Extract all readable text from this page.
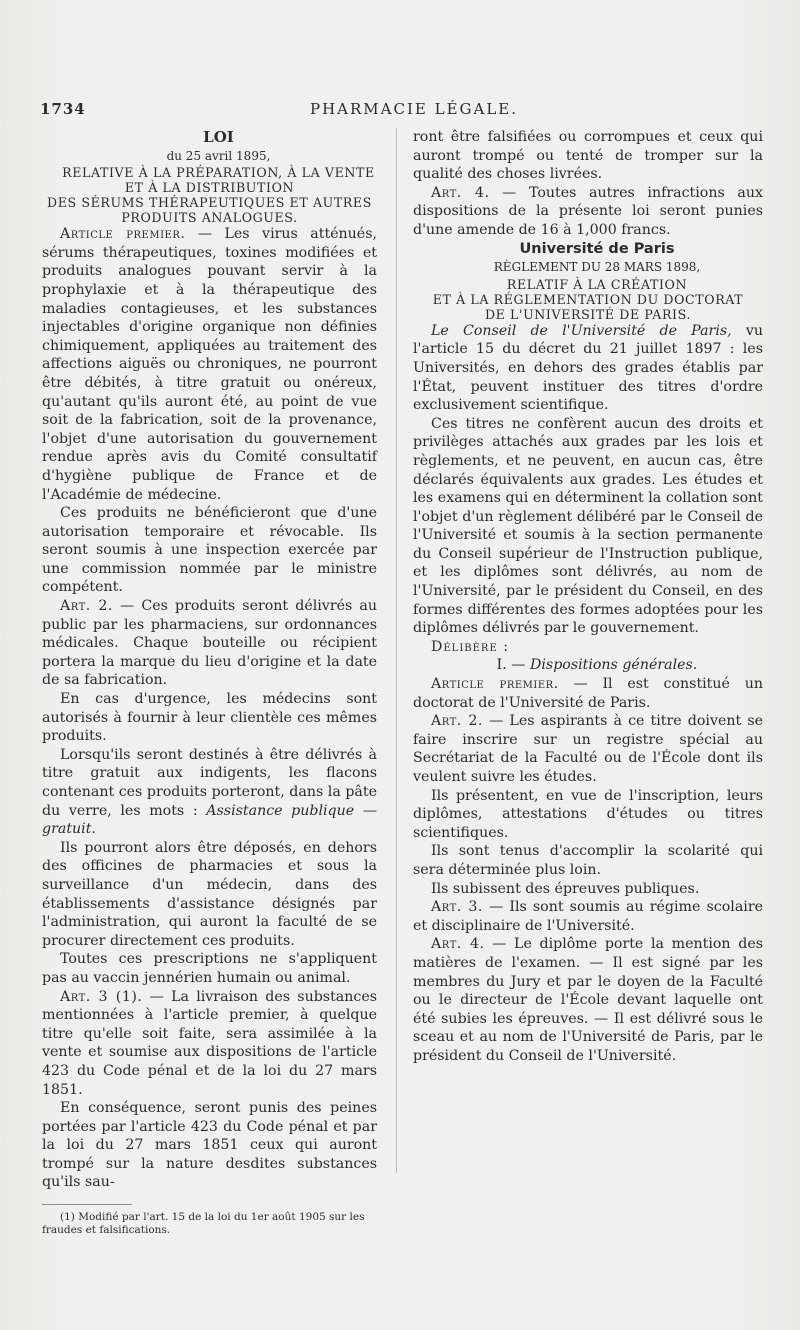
1734	PHARMACIE LÉGALE.

LOI

du 25 avril 1895,

RELATIVE À LA PRÉPARATION, À LA VENTE
ET À LA DISTRIBUTION
DES SÉRUMS THÉRAPEUTIQUES ET AUTRES
PRODUITS ANALOGUES.

Article premier. — Les virus atténués, sérums thérapeutiques, toxines modifiées et produits analogues pouvant servir à la prophylaxie et à la thérapeutique des maladies contagieuses, et les substances injectables d'origine organique non définies chimiquement, appliquées au traitement des affections aiguës ou chroniques, ne pourront être débités, à titre gratuit ou onéreux, qu'autant qu'ils auront été, au point de vue soit de la fabrication, soit de la provenance, l'objet d'une autorisation du gouvernement rendue après avis du Comité consultatif d'hygiène publique de France et de l'Académie de médecine.

Ces produits ne bénéficieront que d'une autorisation temporaire et révocable. Ils seront soumis à une inspection exercée par une commission nommée par le ministre compétent.

Art. 2. — Ces produits seront délivrés au public par les pharmaciens, sur ordonnances médicales. Chaque bouteille ou récipient portera la marque du lieu d'origine et la date de sa fabrication.

En cas d'urgence, les médecins sont autorisés à fournir à leur clientèle ces mêmes produits.

Lorsqu'ils seront destinés à être délivrés à titre gratuit aux indigents, les flacons contenant ces produits porteront, dans la pâte du verre, les mots : Assistance publique — gratuit.

Ils pourront alors être déposés, en dehors des officines de pharmacies et sous la surveillance d'un médecin, dans des établissements d'assistance désignés par l'administration, qui auront la faculté de se procurer directement ces produits.

Toutes ces prescriptions ne s'appliquent pas au vaccin jennérien humain ou animal.

Art. 3 (1). — La livraison des substances mentionnées à l'article premier, à quelque titre qu'elle soit faite, sera assimilée à la vente et soumise aux dispositions de l'article 423 du Code pénal et de la loi du 27 mars 1851.

En conséquence, seront punis des peines portées par l'article 423 du Code pénal et par la loi du 27 mars 1851 ceux qui auront trompé sur la nature desdites substances qu'ils sau-

(1) Modifié par l'art. 15 de la loi du 1er août 1905 sur les fraudes et falsifications.

ront être falsifiées ou corrompues et ceux qui auront trompé ou tenté de tromper sur la qualité des choses livrées.

Art. 4. — Toutes autres infractions aux dispositions de la présente loi seront punies d'une amende de 16 à 1,000 francs.

Université de Paris

RÈGLEMENT DU 28 MARS 1898,

RELATIF À LA CRÉATION
ET À LA RÉGLEMENTATION DU DOCTORAT
DE L'UNIVERSITÉ DE PARIS.

Le Conseil de l'Université de Paris, vu l'article 15 du décret du 21 juillet 1897 : les Universités, en dehors des grades établis par l'État, peuvent instituer des titres d'ordre exclusivement scientifique.

Ces titres ne confèrent aucun des droits et privilèges attachés aux grades par les lois et règlements, et ne peuvent, en aucun cas, être déclarés équivalents aux grades. Les études et les examens qui en déterminent la collation sont l'objet d'un règlement délibéré par le Conseil de l'Université et soumis à la section permanente du Conseil supérieur de l'Instruction publique, et les diplômes sont délivrés, au nom de l'Université, par le président du Conseil, en des formes différentes des formes adoptées pour les diplômes délivrés par le gouvernement.

Délibère :

I. — Dispositions générales.

Article premier. — Il est constitué un doctorat de l'Université de Paris.

Art. 2. — Les aspirants à ce titre doivent se faire inscrire sur un registre spécial au Secrétariat de la Faculté ou de l'École dont ils veulent suivre les études.

Ils présentent, en vue de l'inscription, leurs diplômes, attestations d'études ou titres scientifiques.

Ils sont tenus d'accomplir la scolarité qui sera déterminée plus loin.

Ils subissent des épreuves publiques.

Art. 3. — Ils sont soumis au régime scolaire et disciplinaire de l'Université.

Art. 4. — Le diplôme porte la mention des matières de l'examen. — Il est signé par les membres du Jury et par le doyen de la Faculté ou le directeur de l'École devant laquelle ont été subies les épreuves. — Il est délivré sous le sceau et au nom de l'Université de Paris, par le président du Conseil de l'Université.
